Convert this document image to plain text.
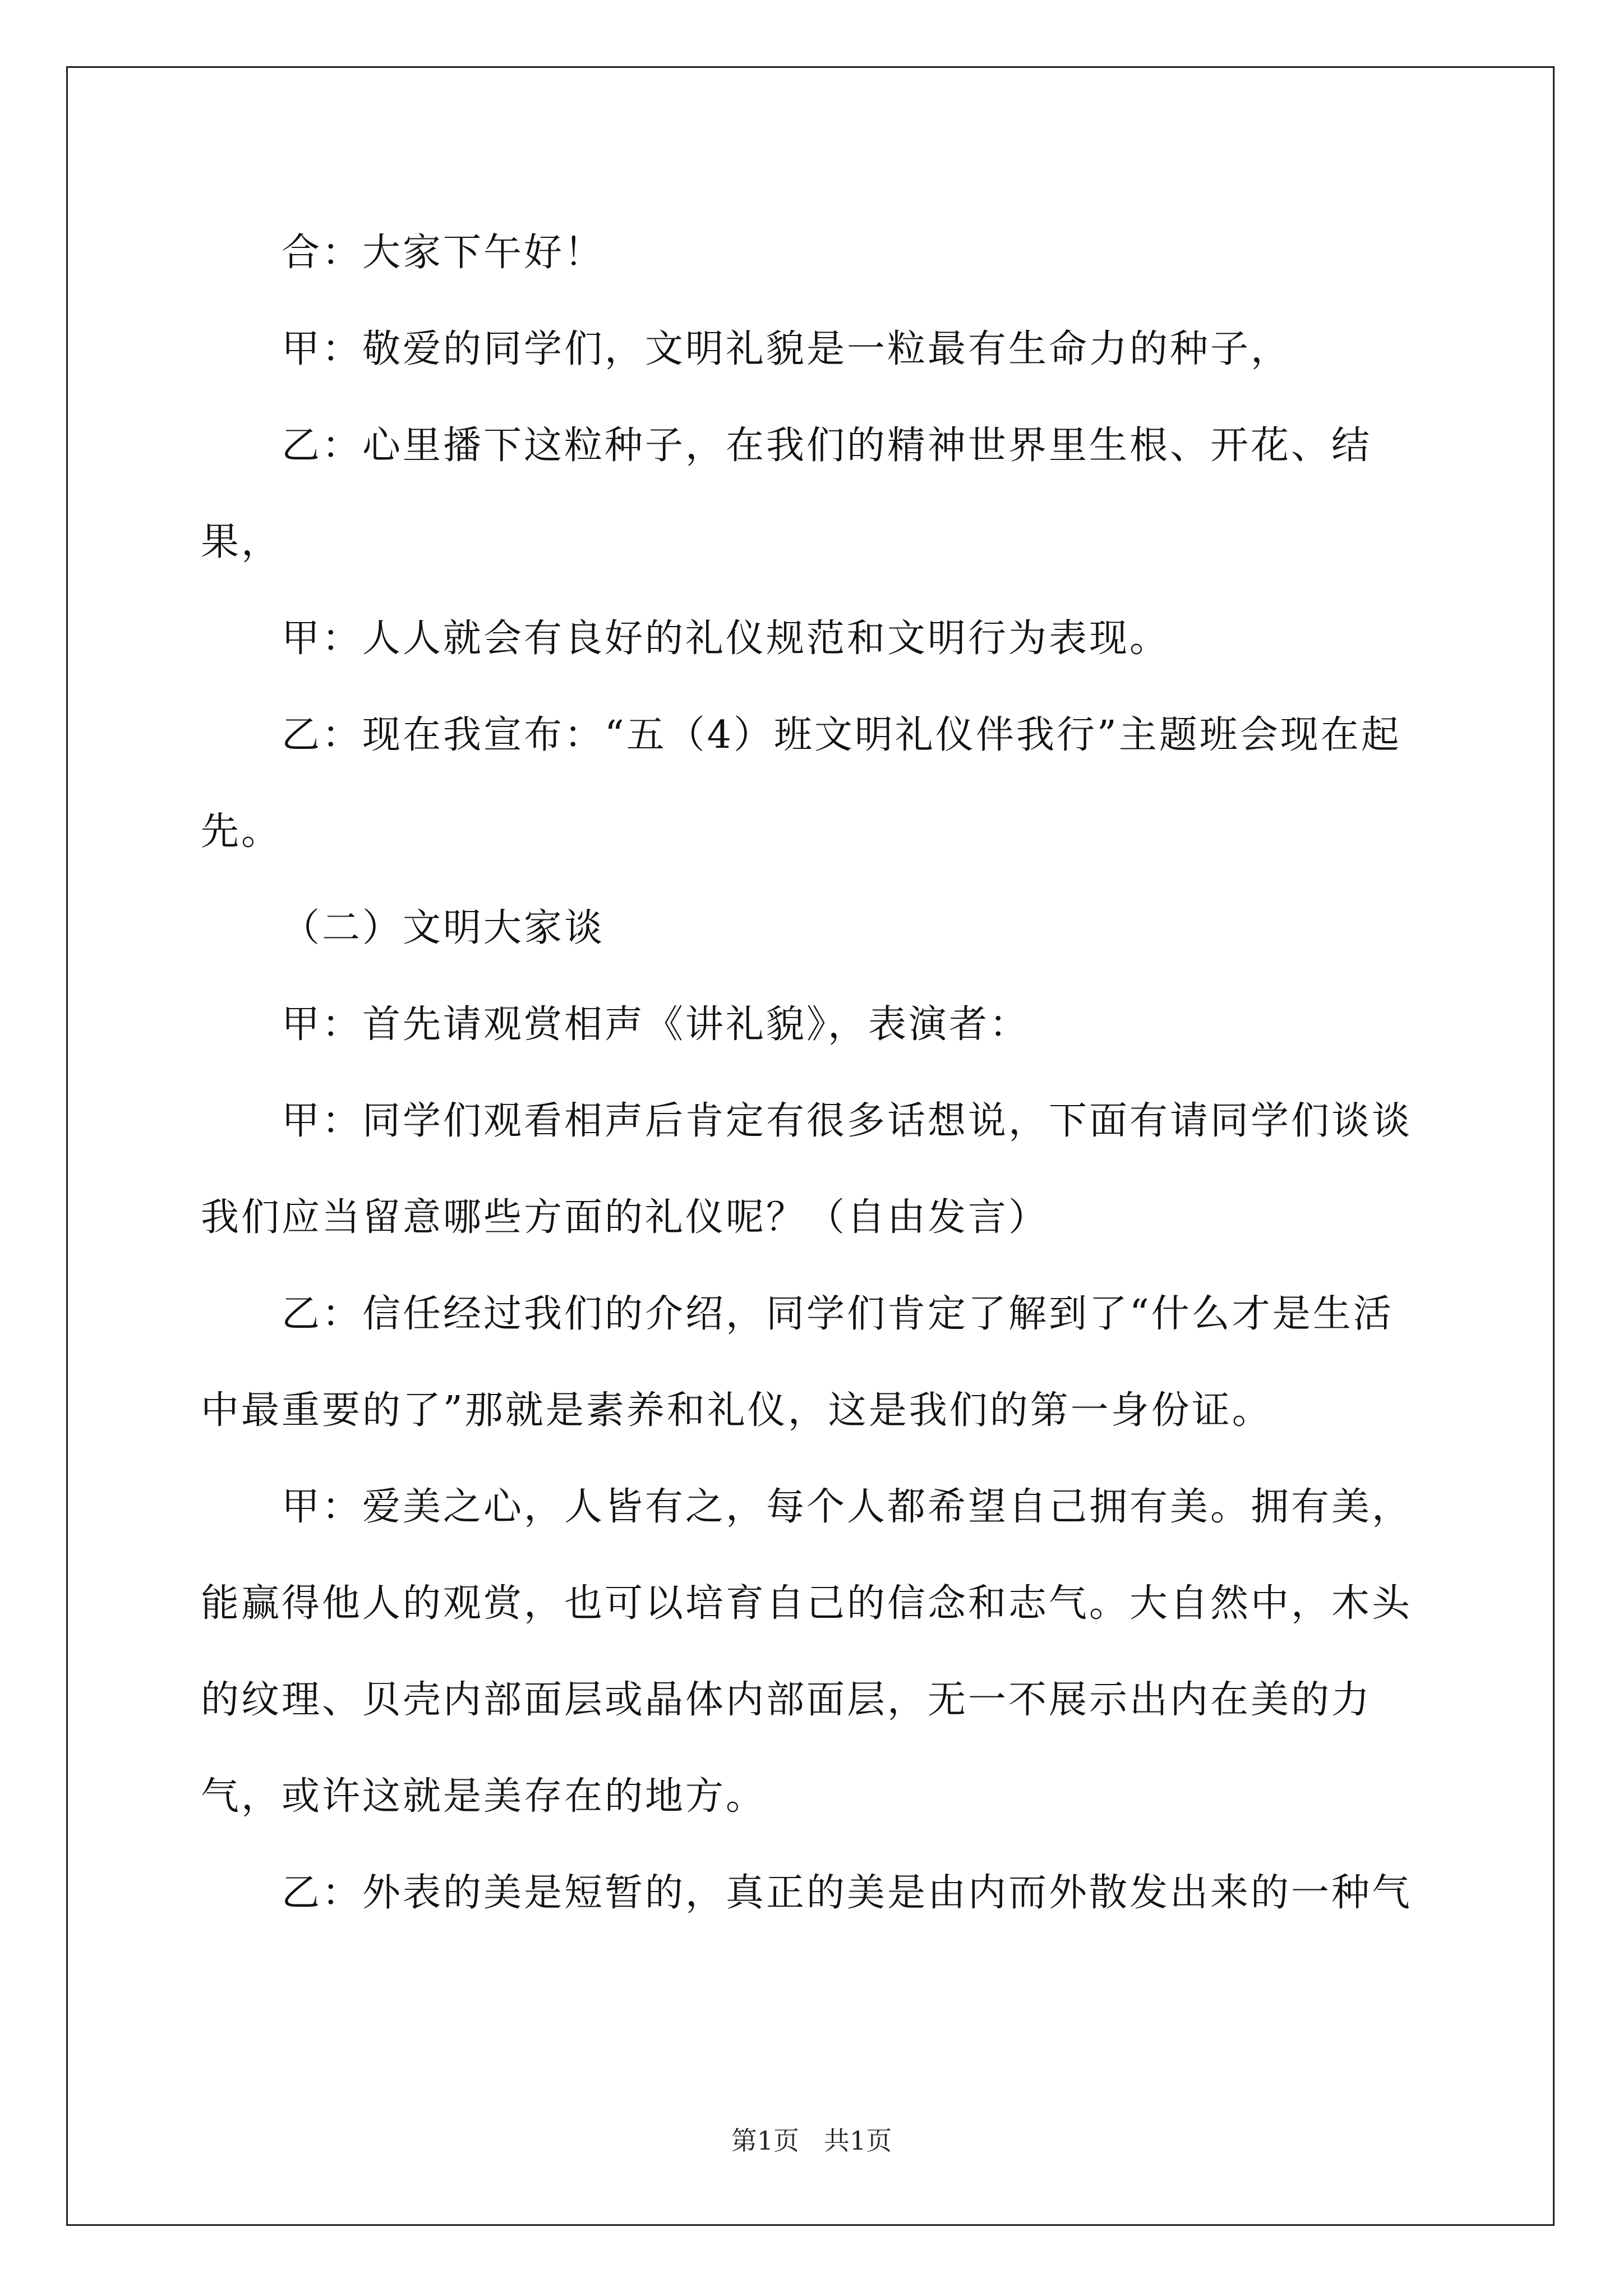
合：大家下午好！

甲：敬爱的同学们，文明礼貌是一粒最有生命力的种子，

乙：心里播下这粒种子，在我们的精神世界里生根、开花、结果，

甲：人人就会有良好的礼仪规范和文明行为表现。

乙：现在我宣布：“五（4）班文明礼仪伴我行”主题班会现在起先。

（二）文明大家谈

甲：首先请观赏相声《讲礼貌》，表演者：

甲：同学们观看相声后肯定有很多话想说，下面有请同学们谈谈我们应当留意哪些方面的礼仪呢？（自由发言）

乙：信任经过我们的介绍，同学们肯定了解到了“什么才是生活中最重要的了”那就是素养和礼仪，这是我们的第一身份证。

甲：爱美之心，人皆有之，每个人都希望自己拥有美。拥有美，能赢得他人的观赏，也可以培育自己的信念和志气。大自然中，木头的纹理、贝壳内部面层或晶体内部面层，无一不展示出内在美的力气，或许这就是美存在的地方。

乙：外表的美是短暂的，真正的美是由内而外散发出来的一种气

第1页 共1页
